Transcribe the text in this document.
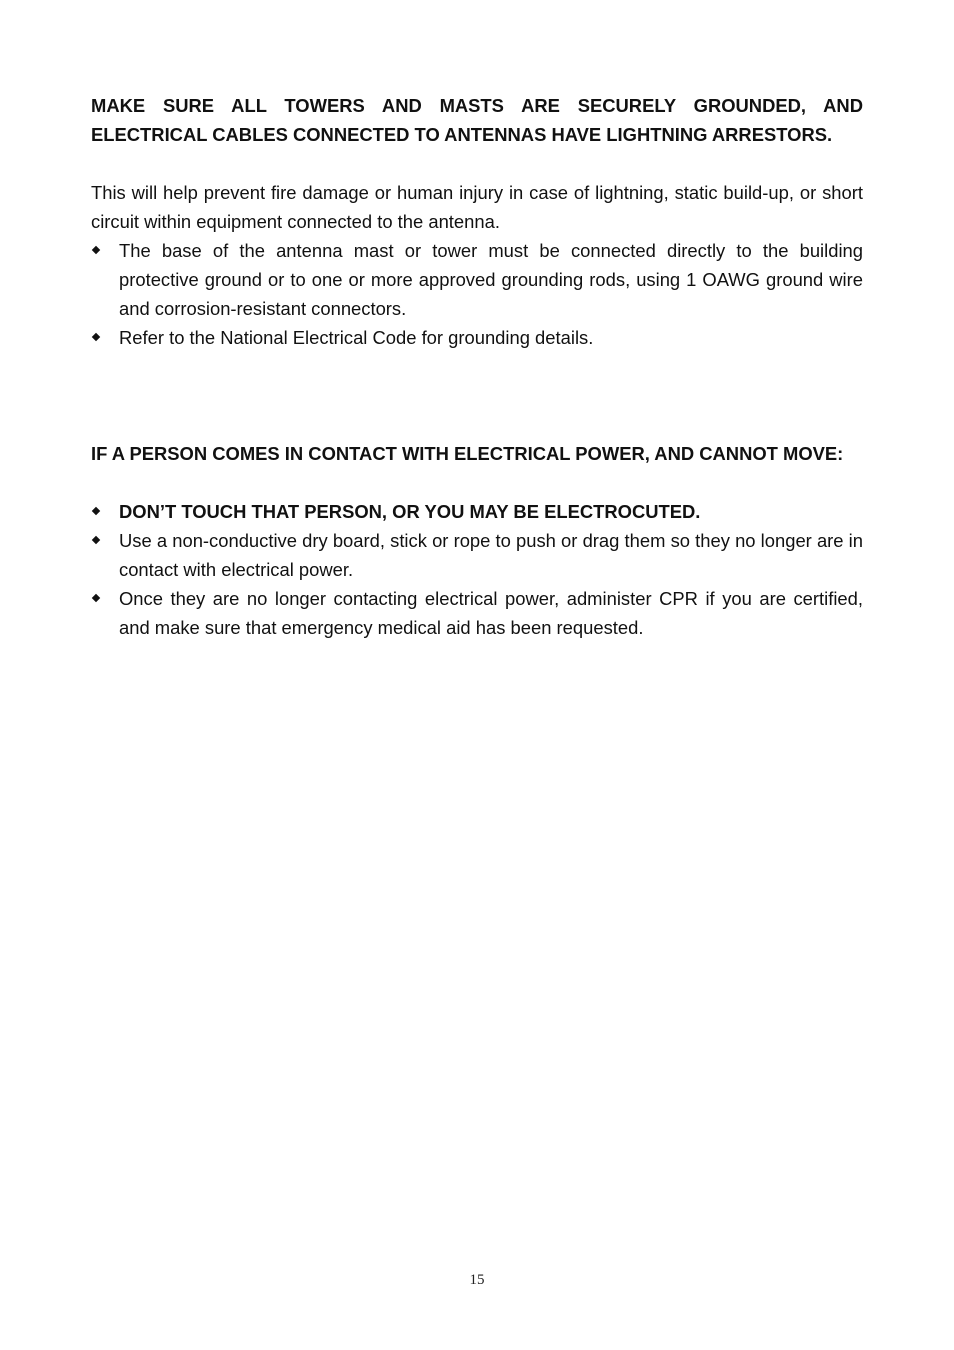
MAKE SURE ALL TOWERS AND MASTS ARE SECURELY GROUNDED, AND ELECTRICAL CABLES CONNECTED TO ANTENNAS HAVE LIGHTNING ARRESTORS.

This will help prevent fire damage or human injury in case of lightning, static build-up, or short circuit within equipment connected to the antenna.

The base of the antenna mast or tower must be connected directly to the building protective ground or to one or more approved grounding rods, using 1 OAWG ground wire and corrosion-resistant connectors.
Refer to the National Electrical Code for grounding details.

IF A PERSON COMES IN CONTACT WITH ELECTRICAL POWER, AND CANNOT MOVE:

DON’T TOUCH THAT PERSON, OR YOU MAY BE ELECTROCUTED.
Use a non-conductive dry board, stick or rope to push or drag them so they no longer are in contact with electrical power.
Once they are no longer contacting electrical power, administer CPR if you are certified, and make sure that emergency medical aid has been requested.
15
